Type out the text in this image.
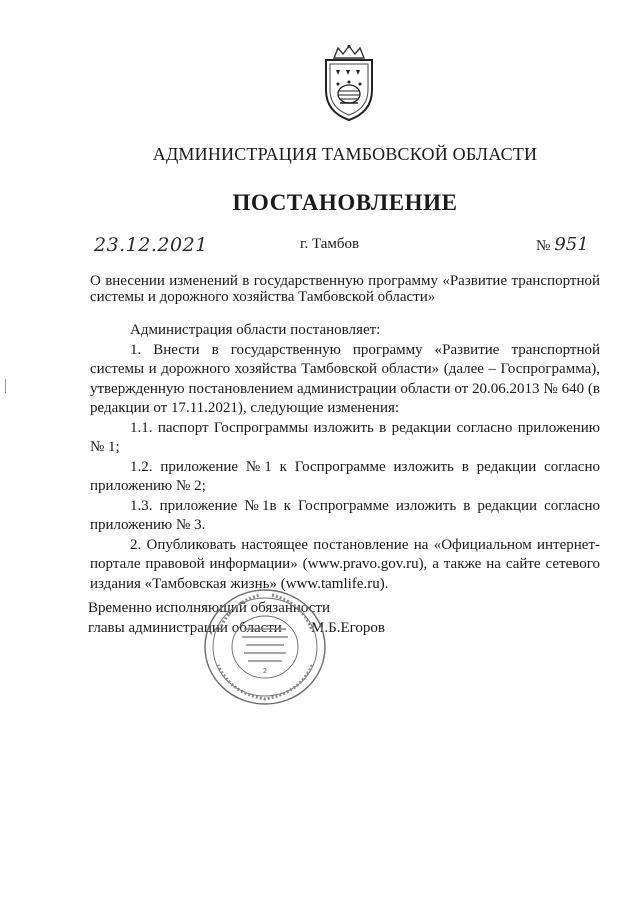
АДМИНИСТРАЦИЯ ТАМБОВСКОЙ ОБЛАСТИ
ПОСТАНОВЛЕНИЕ
23.12.2021	г. Тамбов	№ 951
О внесении изменений в государственную программу «Развитие транспортной системы и дорожного хозяйства Тамбовской области»

Администрация области постановляет:

1. Внести в государственную программу «Развитие транспортной системы и дорожного хозяйства Тамбовской области» (далее – Госпрограмма), утвержденную постановлением администрации области от 20.06.2013 № 640 (в редакции от 17.11.2021), следующие изменения:

1.1. паспорт Госпрограммы изложить в редакции согласно приложению № 1;

1.2. приложение №1 к Госпрограмме изложить в редакции согласно приложению № 2;

1.3. приложение №1в к Госпрограмме изложить в редакции согласно приложению № 3.

2. Опубликовать настоящее постановление на «Официальном интернет-портале правовой информации» (www.pravo.gov.ru), а также на сайте сетевого издания «Тамбовская жизнь» (www.tamlife.ru).

Временно исполняющий обязанности
главы администрации области М.Б.Егоров
2
